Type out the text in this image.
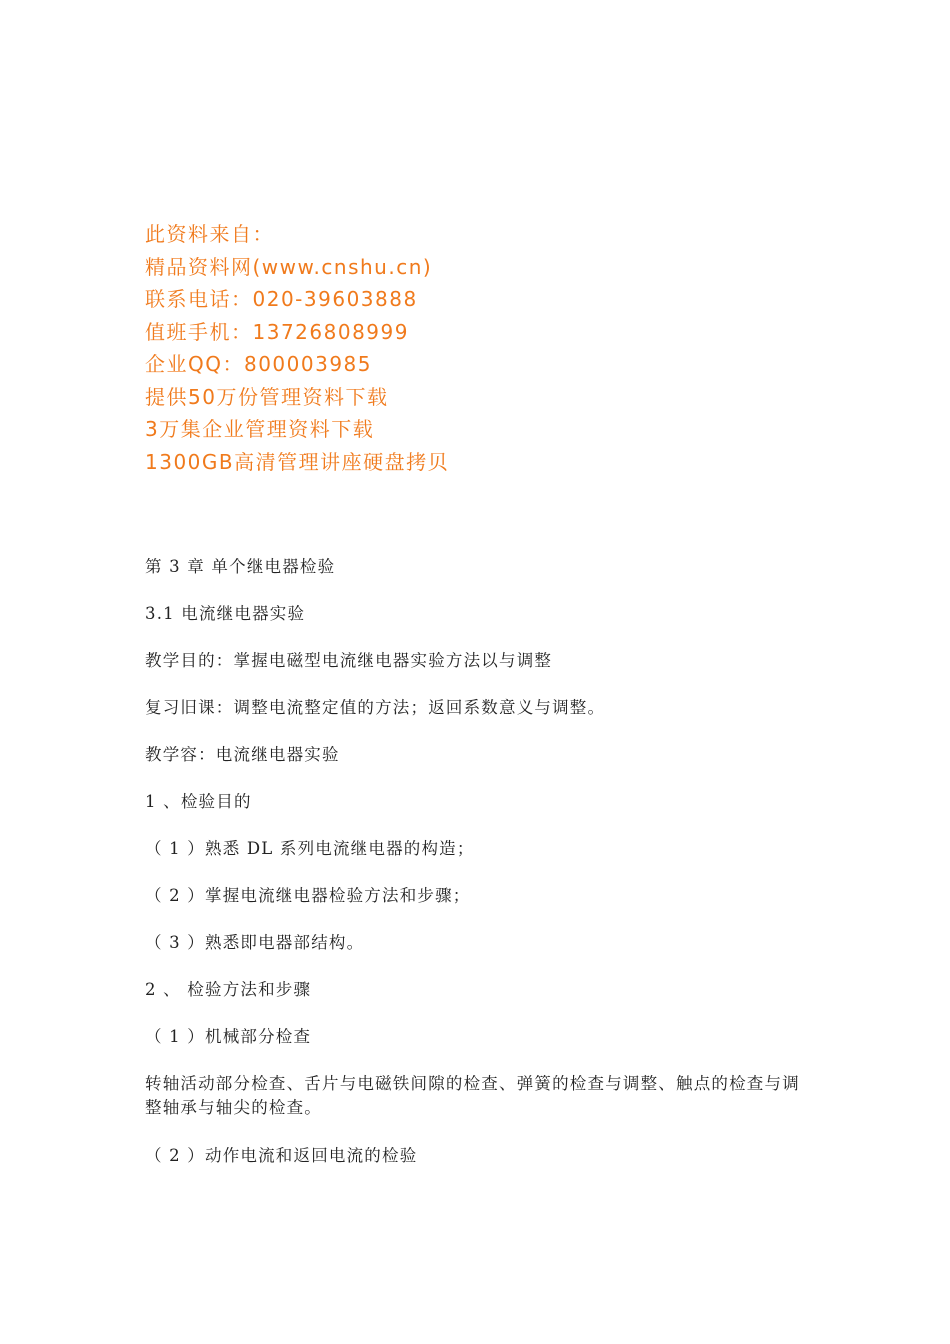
此资料来自：
精品资料网(www.cnshu.cn)
联系电话：020-39603888
值班手机：13726808999
企业QQ：800003985
提供50万份管理资料下载
3万集企业管理资料下载
1300GB高清管理讲座硬盘拷贝
第 3 章 单个继电器检验
3.1 电流继电器实验
教学目的：掌握电磁型电流继电器实验方法以与调整
复习旧课：调整电流整定值的方法；返回系数意义与调整。
教学容：电流继电器实验
1 、检验目的
（ 1 ）熟悉 DL 系列电流继电器的构造；
（ 2 ）掌握电流继电器检验方法和步骤；
（ 3 ）熟悉即电器部结构。
2 、 检验方法和步骤
（ 1 ）机械部分检查
转轴活动部分检查、舌片与电磁铁间隙的检查、弹簧的检查与调整、触点的检查与调整轴承与轴尖的检查。
（ 2 ）动作电流和返回电流的检验
